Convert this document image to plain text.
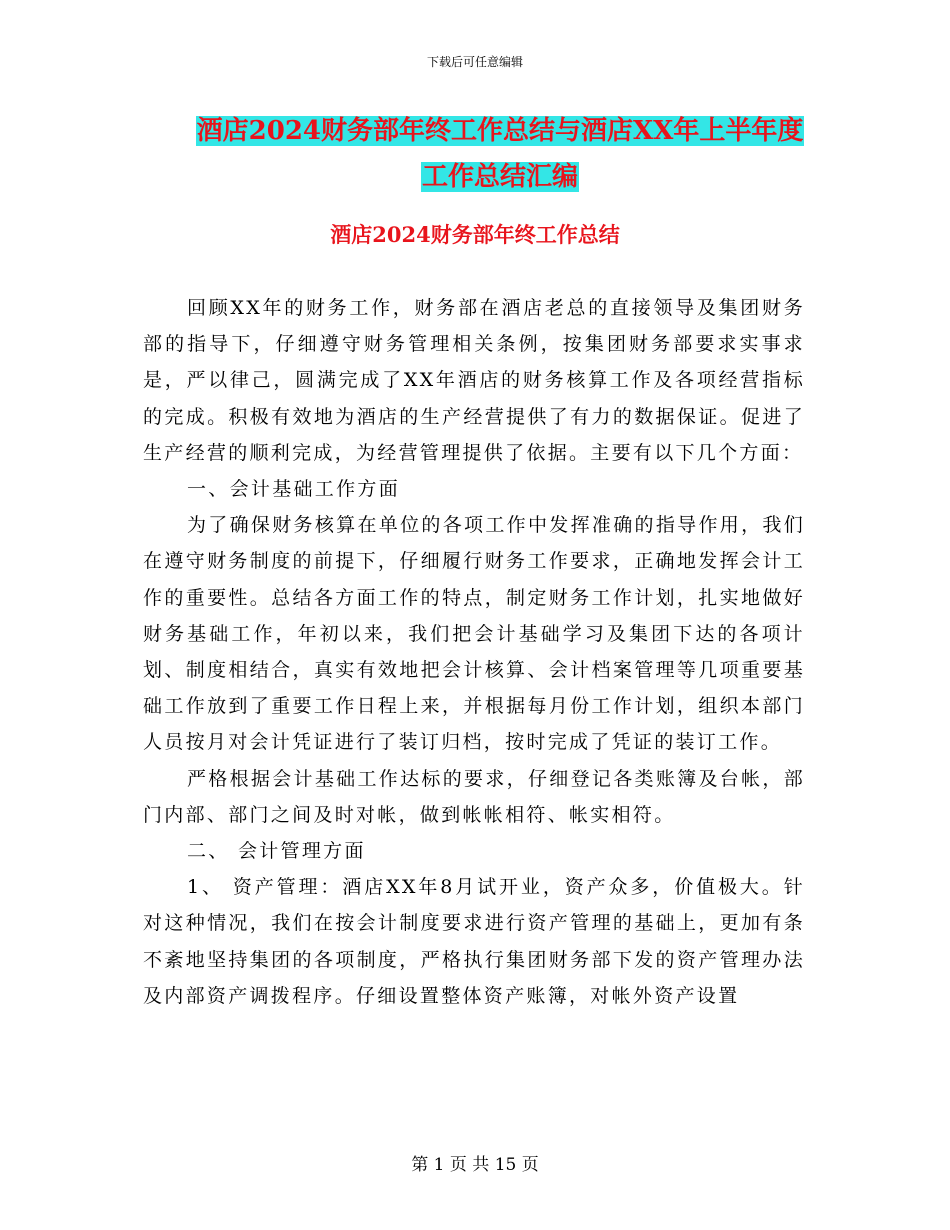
下载后可任意编辑
酒店2024财务部年终工作总结与酒店XX年上半年度
工作总结汇编
酒店2024财务部年终工作总结

回顾XX年的财务工作，财务部在酒店老总的直接领导及集团财务部的指导下，仔细遵守财务管理相关条例，按集团财务部要求实事求是，严以律己，圆满完成了XX年酒店的财务核算工作及各项经营指标的完成。积极有效地为酒店的生产经营提供了有力的数据保证。促进了生产经营的顺利完成，为经营管理提供了依据。主要有以下几个方面：

一、会计基础工作方面

为了确保财务核算在单位的各项工作中发挥准确的指导作用，我们在遵守财务制度的前提下，仔细履行财务工作要求，正确地发挥会计工作的重要性。总结各方面工作的特点，制定财务工作计划，扎实地做好财务基础工作，年初以来，我们把会计基础学习及集团下达的各项计划、制度相结合，真实有效地把会计核算、会计档案管理等几项重要基础工作放到了重要工作日程上来，并根据每月份工作计划，组织本部门人员按月对会计凭证进行了装订归档，按时完成了凭证的装订工作。

严格根据会计基础工作达标的要求，仔细登记各类账簿及台帐，部门内部、部门之间及时对帐，做到帐帐相符、帐实相符。

二、 会计管理方面

1、 资产管理：酒店XX年8月试开业，资产众多，价值极大。针对这种情况，我们在按会计制度要求进行资产管理的基础上，更加有条不紊地坚持集团的各项制度，严格执行集团财务部下发的资产管理办法及内部资产调拨程序。仔细设置整体资产账簿，对帐外资产设置

第 1 页 共 15 页
